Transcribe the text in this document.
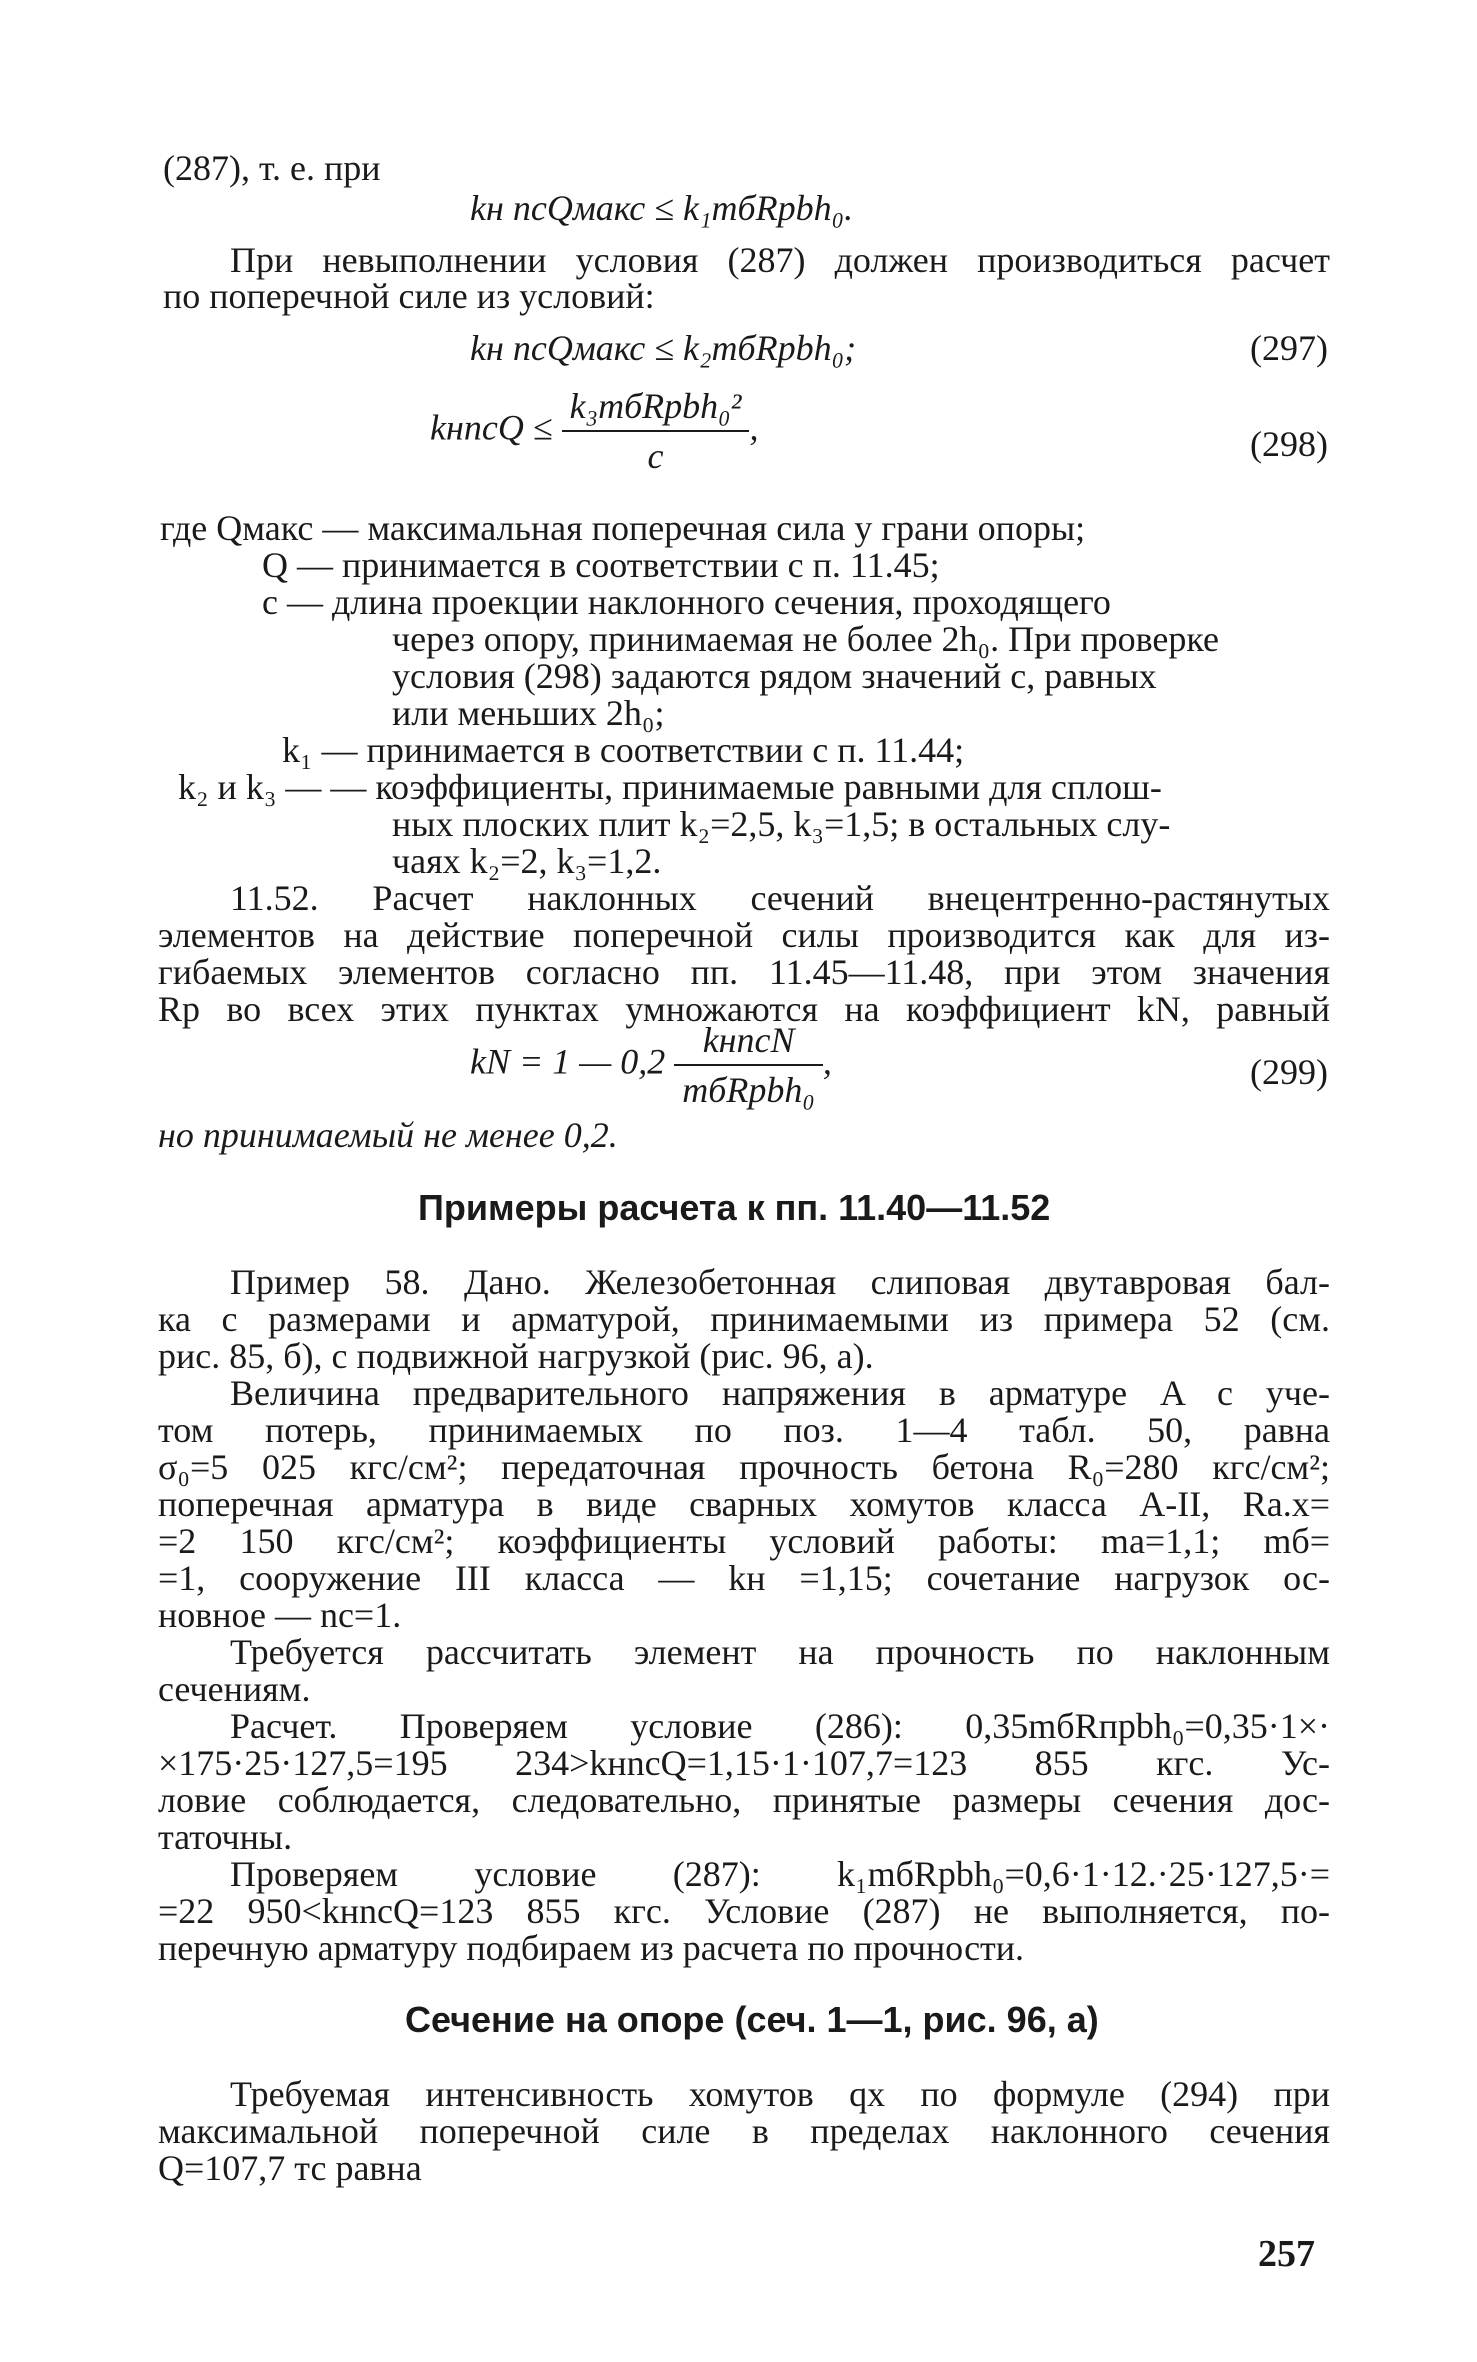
(287), т. е. при
kн nсQмакс ≤ k₁mбRpbh₀.
При невыполнении условия (287) должен производиться расчет
по поперечной силе из условий:
kн nсQмакс ≤ k₂mбRpbh₀;	(297)
kнnсQ ≤ $\frac{\text{k₃mбRpbh₀²}}{c}$ ,	(298)
где Qмакс — максимальная поперечная сила у грани опоры;
Q — принимается в соответствии с п. 11.45;
c — длина проекции наклонного сечения, проходящего
через опору, принимаемая не более 2h₀. При проверке
условия (298) задаются рядом значений c, равных
или меньших 2h₀;
k₁ — принимается в соответствии с п. 11.44;
k₂ и k₃ — — коэффициенты, принимаемые равными для сплош-
ных плоских плит k₂=2,5, k₃=1,5; в остальных слу-
чаях k₂=2, k₃=1,2.
11.52. Расчет наклонных сечений внецентренно-растянутых
элементов на действие поперечной силы производится как для из-
гибаемых элементов согласно пп. 11.45—11.48, при этом значения
Rр во всех этих пунктах умножаются на коэффициент kN, равный
kN = 1 — $0,2 \frac{\text{kнnсN}}{\text{mбRpbh₀}}$ ,	(299)
но принимаемый не менее 0,2.
Примеры расчета к пп. 11.40—11.52
Пример 58. Дано. Железобетонная слиповая двутавровая бал-
ка с размерами и арматурой, принимаемыми из примера 52 (см.
рис. 85, б), с подвижной нагрузкой (рис. 96, а).
Величина предварительного напряжения в арматуре A с уче-
том потерь, принимаемых по поз. 1—4 табл. 50, равна
σ₀=5 025 кгс/см²; передаточная прочность бетона R₀=280 кгс/см²;
поперечная арматура в виде сварных хомутов класса А-II, Rа.х=
=2 150 кгс/см²; коэффициенты условий работы: mа=1,1; mб=
=1, сооружение III класса — kн =1,15; сочетание нагрузок ос-
новное — nс=1.
Требуется рассчитать элемент на прочность по наклонным
сечениям.
Расчет. Проверяем условие (286): 0,35mбRпрbh₀=0,35·1×·
×175·25·127,5=195 234>kнnсQ=1,15·1·107,7=123 855 кгс. Ус-
ловие соблюдается, следовательно, принятые размеры сечения дос-
таточны.
Проверяем условие (287): k₁mбRpbh₀=0,6·1·12.·25·127,5·=
=22 950<kнnсQ=123 855 кгс. Условие (287) не выполняется, по-
перечную арматуру подбираем из расчета по прочности.
Сечение на опоре (сеч. 1—1, рис. 96, а)
Требуемая интенсивность хомутов qх по формуле (294) при
максимальной поперечной силе в пределах наклонного сечения
Q=107,7 тс равна
257
